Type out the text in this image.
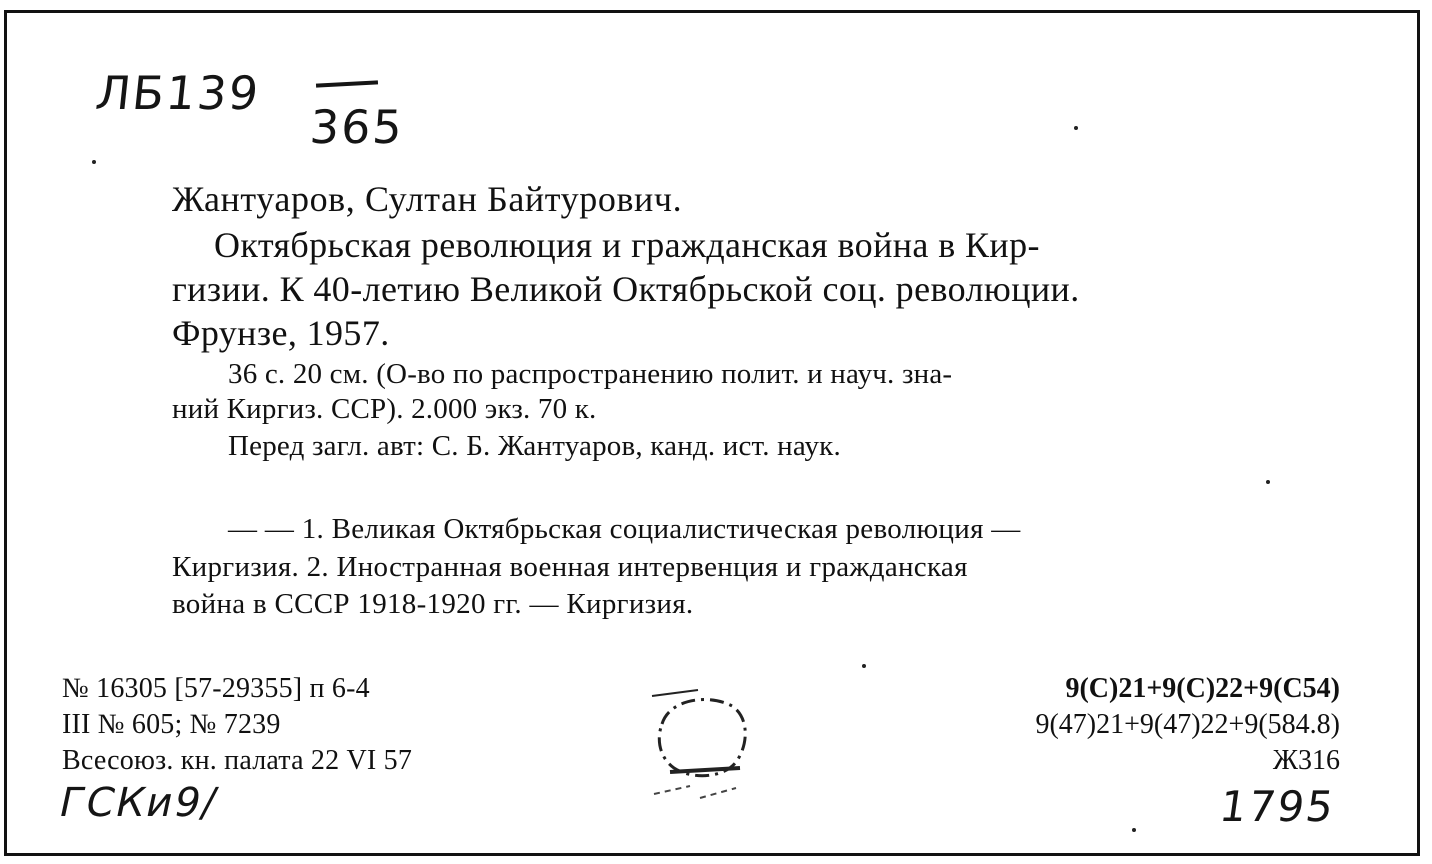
ЛБ139
365
Жантуаров, Султан Байтурович.
Октябрьская революция и гражданская война в Кир-
гизии. К 40-летию Великой Октябрьской соц. революции.
Фрунзе, 1957.
36 с. 20 см. (О-во по распространению полит. и науч. зна-
ний Киргиз. ССР). 2.000 экз. 70 к.
Перед загл. авт: С. Б. Жантуаров, канд. ист. наук.
— — 1. Великая Октябрьская социалистическая революция —
Киргизия. 2. Иностранная военная интервенция и гражданская
война в СССР 1918-1920 гг. — Киргизия.
№ 16305 [57-29355] п 6-4
III № 605; № 7239
Всесоюз. кн. палата 22 VI 57
ГСКи9/
9(С)21+9(С)22+9(С54)
9(47)21+9(47)22+9(584.8)
Ж316
1795
